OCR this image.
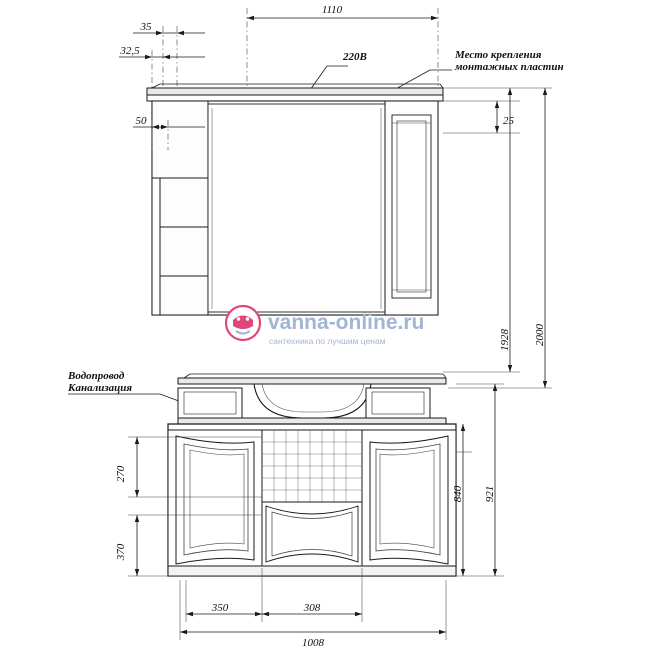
1110
35
32,5	220В	Место крепления
монтажных пластин
50	25
1928 2000
vanna-online.ru
сантехника по лучшим ценам
Водопровод
Канализация
270
370
840 921
350	308
1008
